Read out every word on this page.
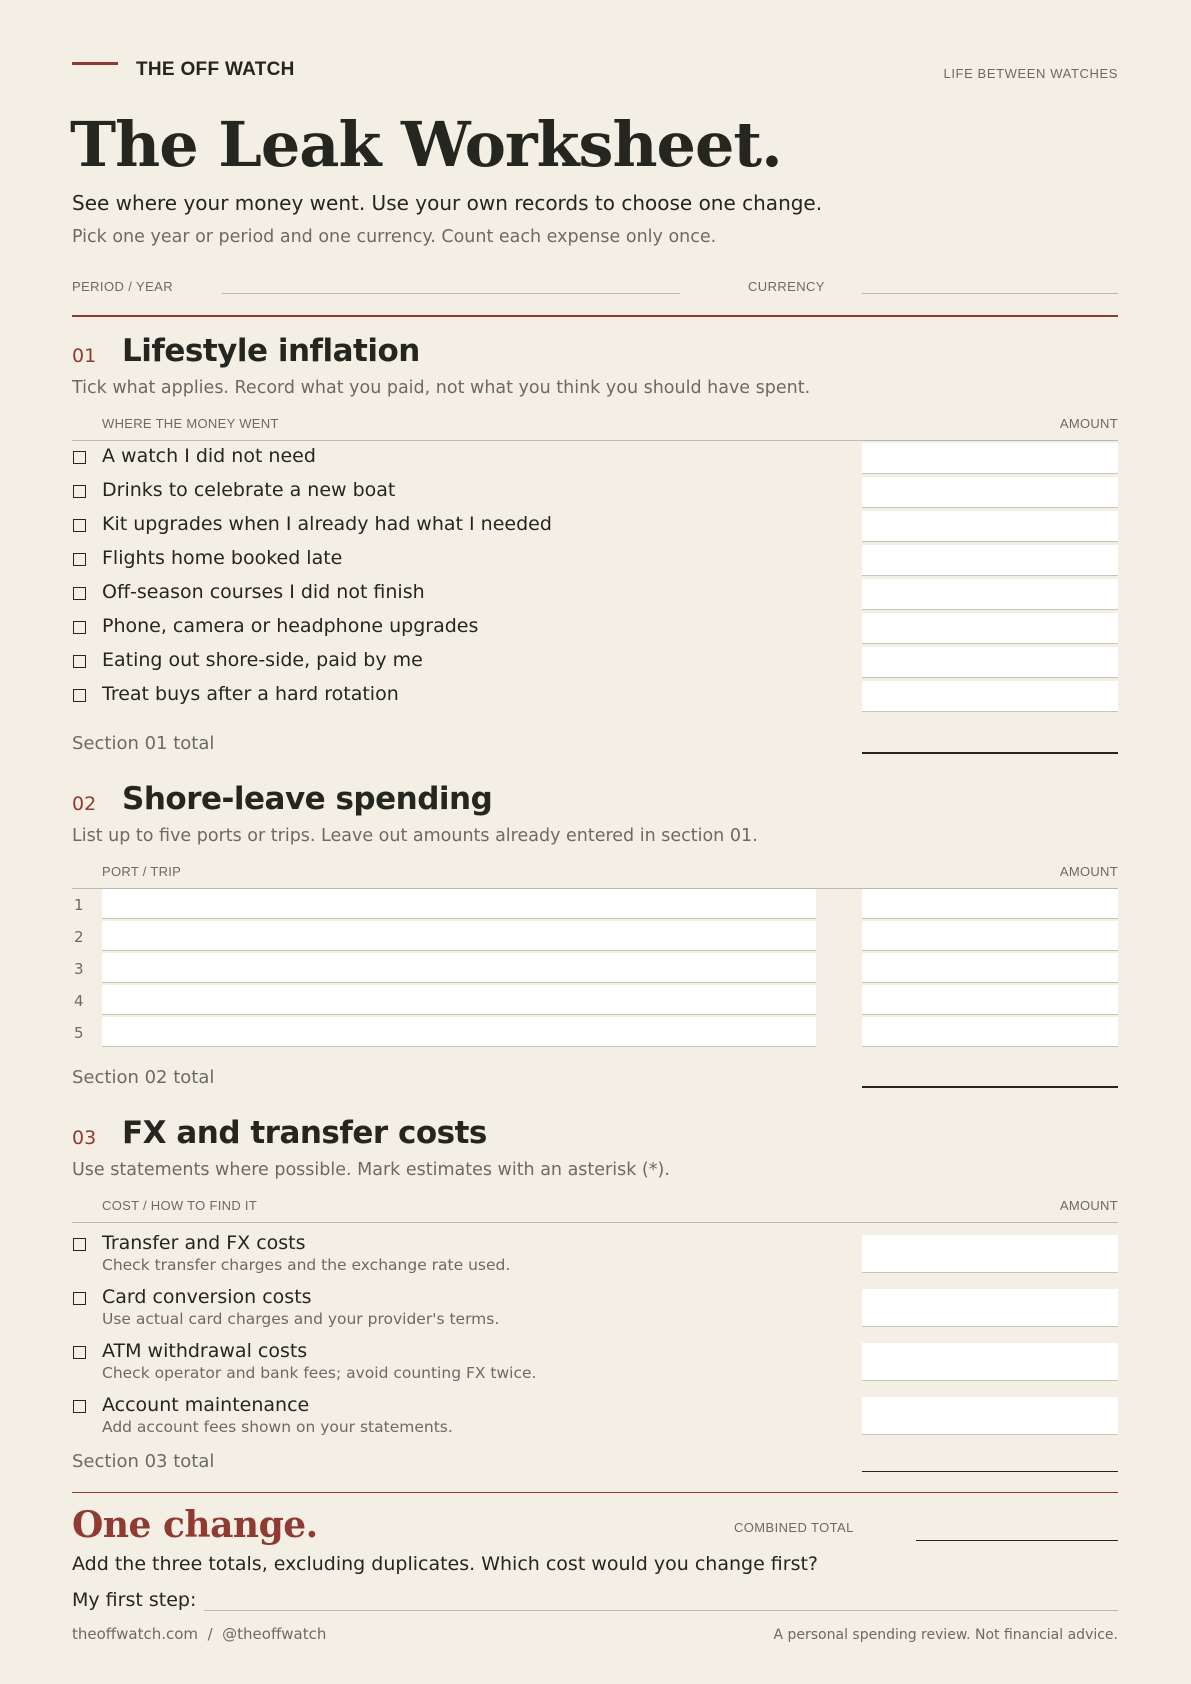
THE OFF WATCH	LIFE BETWEEN WATCHES
The Leak Worksheet.
See where your money went. Use your own records to choose one change.
Pick one year or period and one currency. Count each expense only once.
PERIOD / YEAR	CURRENCY
01 Lifestyle inflation
Tick what applies. Record what you paid, not what you think you should have spent.
WHERE THE MONEY WENT	AMOUNT
A watch I did not need
Drinks to celebrate a new boat
Kit upgrades when I already had what I needed
Flights home booked late
Off-season courses I did not finish
Phone, camera or headphone upgrades
Eating out shore-side, paid by me
Treat buys after a hard rotation
Section 01 total
02 Shore-leave spending
List up to five ports or trips. Leave out amounts already entered in section 01.
PORT / TRIP	AMOUNT
1
2
3
4
5
Section 02 total
03 FX and transfer costs
Use statements where possible. Mark estimates with an asterisk (*).
COST / HOW TO FIND IT	AMOUNT
Transfer and FX costs
Check transfer charges and the exchange rate used.
Card conversion costs
Use actual card charges and your provider's terms.
ATM withdrawal costs
Check operator and bank fees; avoid counting FX twice.
Account maintenance
Add account fees shown on your statements.
Section 03 total
One change.	COMBINED TOTAL
Add the three totals, excluding duplicates. Which cost would you change first?
My first step:
theoffwatch.com  /  @theoffwatch	A personal spending review. Not financial advice.
